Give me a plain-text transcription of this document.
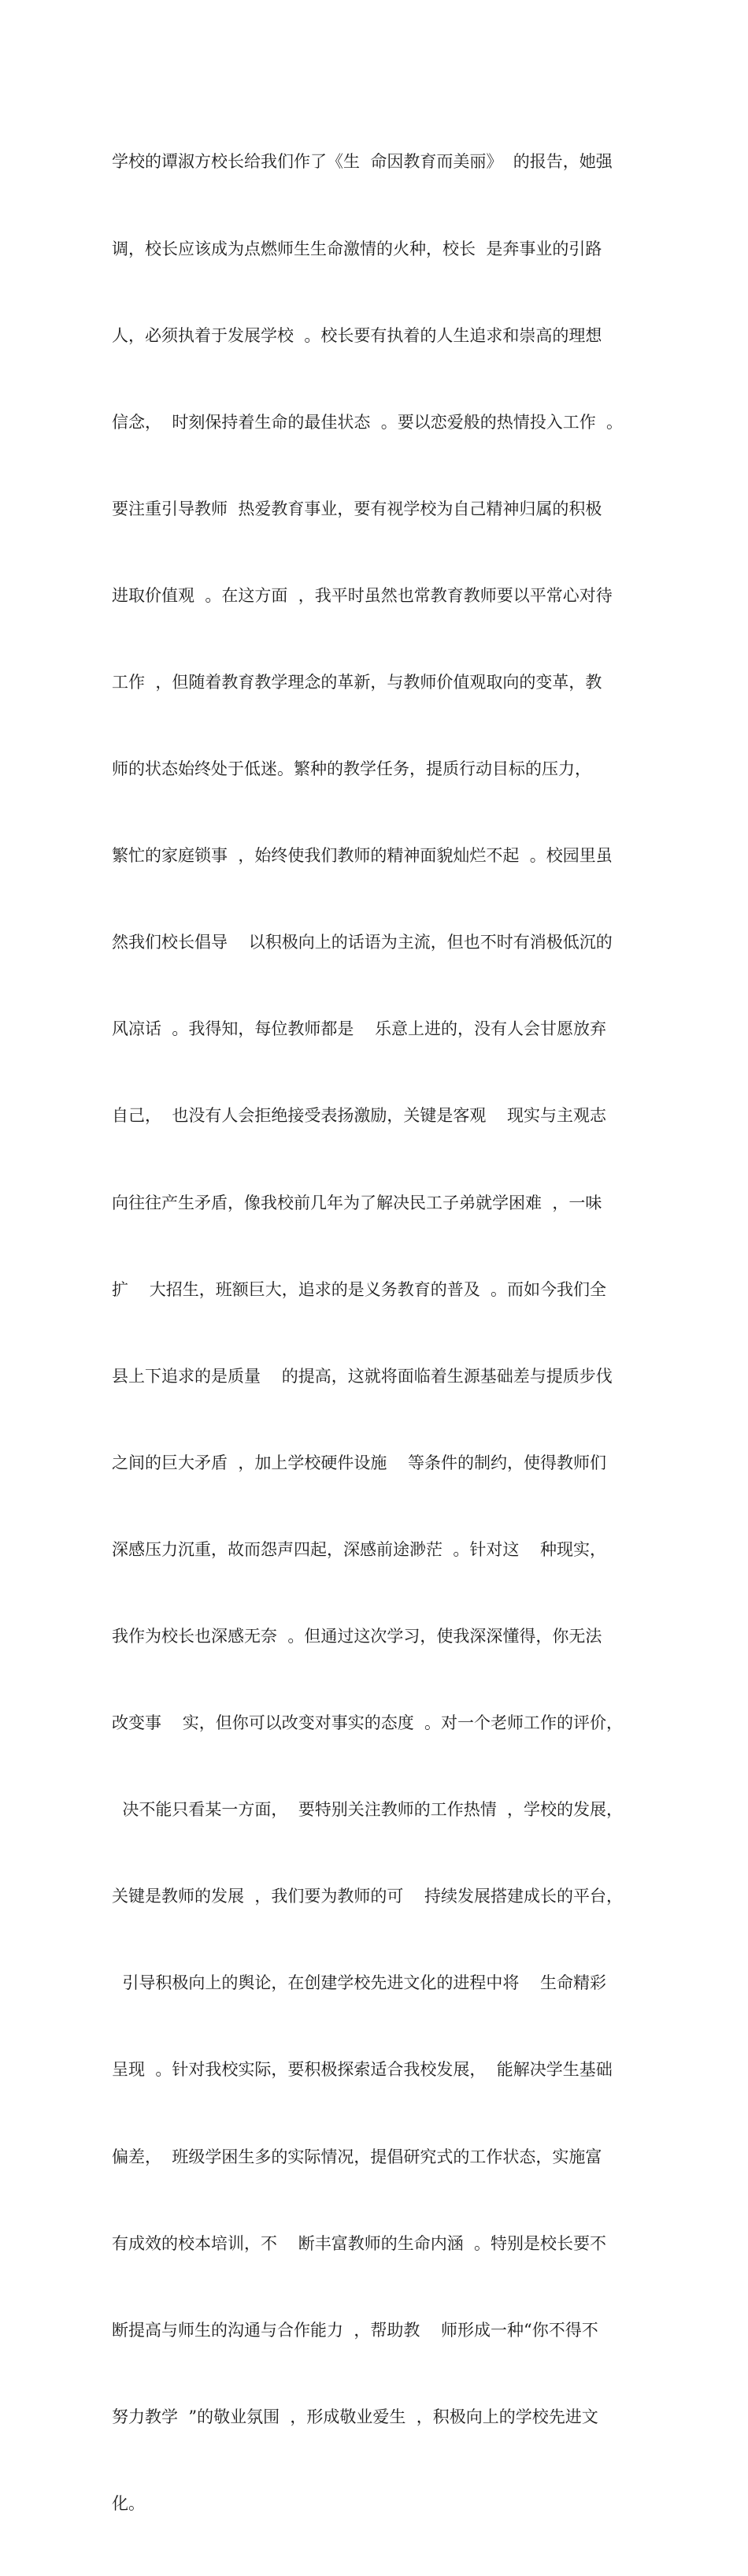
学校的谭淑方校长给我们作了《生  命因教育而美丽》  的报告，她强

调，校长应该成为点燃师生生命激情的火种，校长  是奔事业的引路

人，必须执着于发展学校  。校长要有执着的人生追求和崇高的理想

信念，  时刻保持着生命的最佳状态  。要以恋爱般的热情投入工作  。

要注重引导教师  热爱教育事业，要有视学校为自己精神归属的积极

进取价值观  。在这方面  ，我平时虽然也常教育教师要以平常心对待

工作  ，但随着教育教学理念的革新，与教师价值观取向的变革，教

师的状态始终处于低迷。繁种的教学任务，提质行动目标的压力，

繁忙的家庭锁事  ，始终使我们教师的精神面貌灿烂不起  。校园里虽

然我们校长倡导    以积极向上的话语为主流，但也不时有消极低沉的

风凉话  。我得知，每位教师都是    乐意上进的，没有人会甘愿放弃

自己，  也没有人会拒绝接受表扬激励，关键是客观    现实与主观志

向往往产生矛盾，像我校前几年为了解决民工子弟就学困难  ，一味

扩    大招生，班额巨大，追求的是义务教育的普及  。而如今我们全

县上下追求的是质量    的提高，这就将面临着生源基础差与提质步伐

之间的巨大矛盾  ，加上学校硬件设施    等条件的制约，使得教师们

深感压力沉重，故而怨声四起，深感前途渺茫  。针对这    种现实，

我作为校长也深感无奈  。但通过这次学习，使我深深懂得，你无法

改变事    实，但你可以改变对事实的态度  。对一个老师工作的评价，

决不能只看某一方面，  要特别关注教师的工作热情  ，学校的发展，

关键是教师的发展  ，我们要为教师的可    持续发展搭建成长的平台，

引导积极向上的舆论，在创建学校先进文化的进程中将    生命精彩

呈现  。针对我校实际，要积极探索适合我校发展，  能解决学生基础

偏差，  班级学困生多的实际情况，提倡研究式的工作状态，实施富

有成效的校本培训，不    断丰富教师的生命内涵  。特别是校长要不

断提高与师生的沟通与合作能力  ，帮助教    师形成一种“你不得不

努力教学  ”的敬业氛围  ，形成敬业爱生  ，积极向上的学校先进文

化。
